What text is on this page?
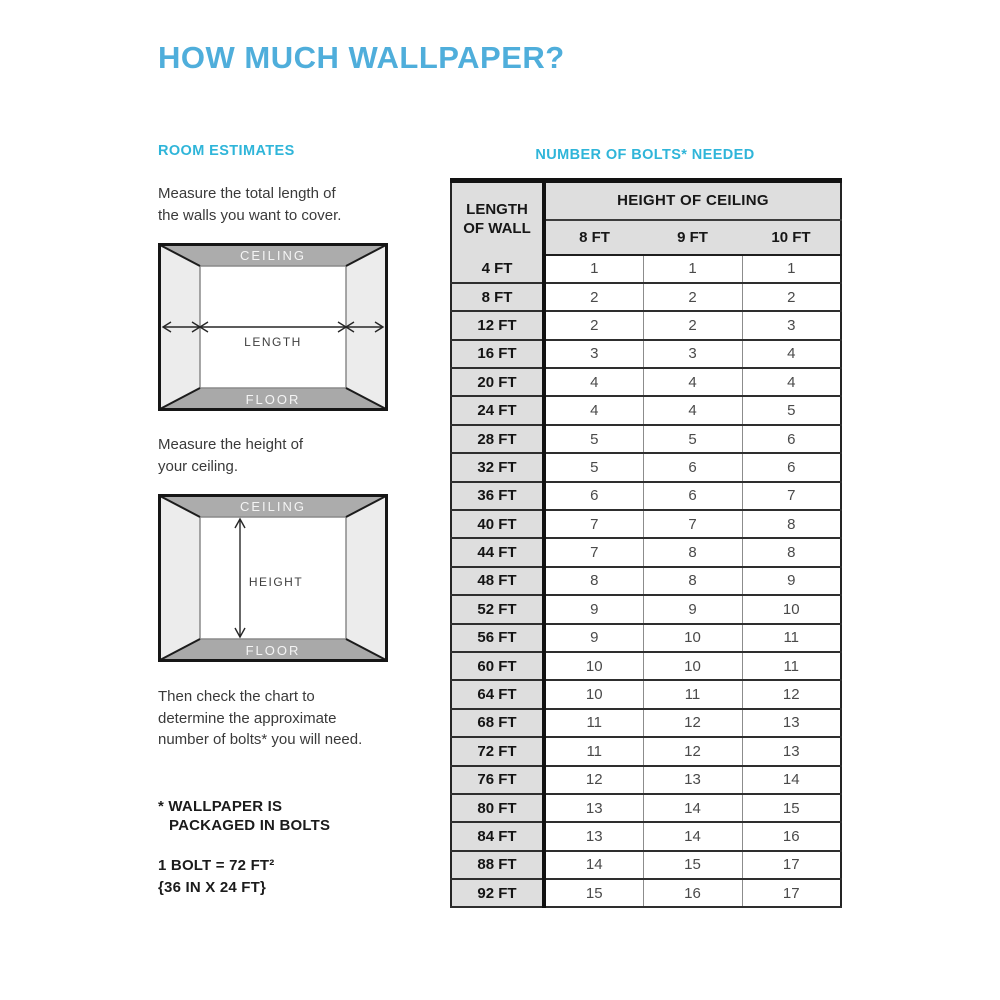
HOW MUCH WALLPAPER?
ROOM ESTIMATES

Measure the total length of
the walls you want to cover.

CEILING
FLOOR
LENGTH

Measure the height of
your ceiling.

CEILING
FLOOR
HEIGHT

Then check the chart to
determine the approximate
number of bolts* you will need.

* WALLPAPER IS
PACKAGED IN BOLTS

1 BOLT = 72 FT²
{36 IN X 24 FT}

NUMBER OF BOLTS* NEEDED
LENGTH
OF WALL	HEIGHT OF CEILING		
	8 FT	9 FT	10 FT
4 FT	1	1	1
8 FT	2	2	2
12 FT	2	2	3
16 FT	3	3	4
20 FT	4	4	4
24 FT	4	4	5
28 FT	5	5	6
32 FT	5	6	6
36 FT	6	6	7
40 FT	7	7	8
44 FT	7	8	8
48 FT	8	8	9
52 FT	9	9	10
56 FT	9	10	11
60 FT	10	10	11
64 FT	10	11	12
68 FT	11	12	13
72 FT	11	12	13
76 FT	12	13	14
80 FT	13	14	15
84 FT	13	14	16
88 FT	14	15	17
92 FT	15	16	17
